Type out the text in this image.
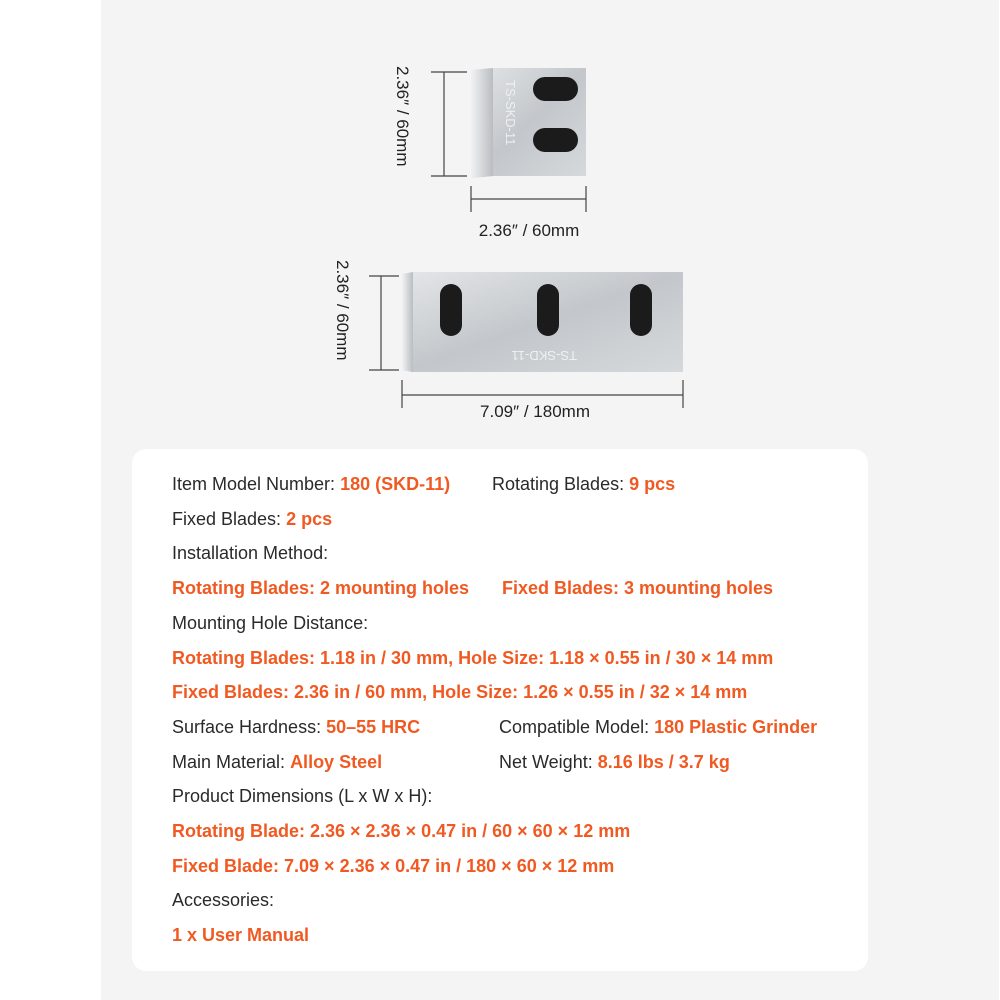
TS-SKD-11
2.36″ / 60mm
2.36″ / 60mm
TS-SKD-11
2.36″ / 60mm
7.09″ / 180mm
Item Model Number: 180 (SKD-11) Rotating Blades: 9 pcs
Fixed Blades: 2 pcs
Installation Method:
Rotating Blades: 2 mounting holes Fixed Blades: 3 mounting holes
Mounting Hole Distance:
Rotating Blades: 1.18 in / 30 mm, Hole Size: 1.18 × 0.55 in / 30 × 14 mm
Fixed Blades: 2.36 in / 60 mm, Hole Size: 1.26 × 0.55 in / 32 × 14 mm
Surface Hardness: 50–55 HRC	Compatible Model: 180 Plastic Grinder
Main Material: Alloy Steel	Net Weight: 8.16 lbs / 3.7 kg
Product Dimensions (L x W x H):
Rotating Blade: 2.36 × 2.36 × 0.47 in / 60 × 60 × 12 mm
Fixed Blade: 7.09 × 2.36 × 0.47 in / 180 × 60 × 12 mm
Accessories:
1 x User Manual
